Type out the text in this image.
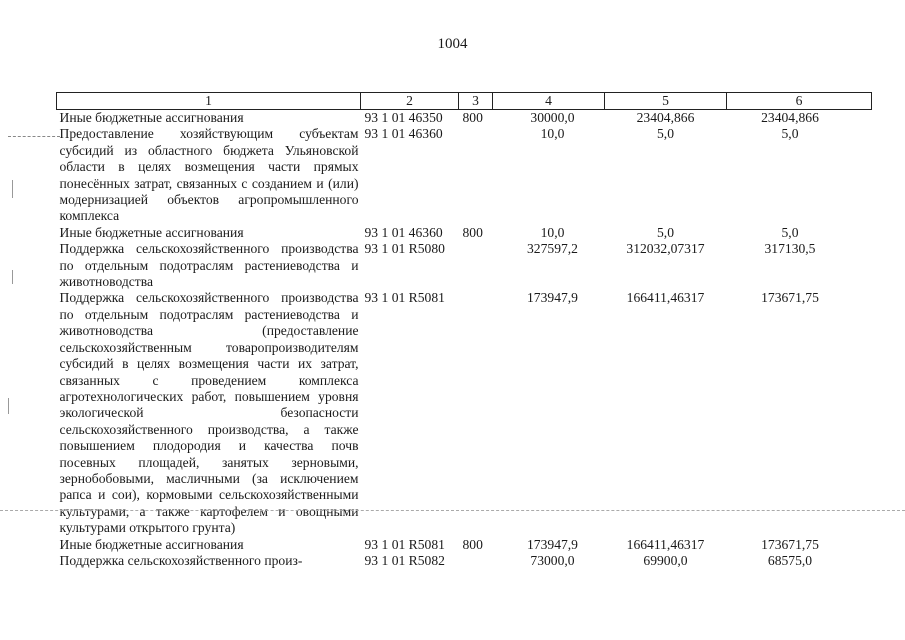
1004
1	2	3	4	5	6
Иные бюджетные ассигнования	93 1 01 46350	800	30000,0	23404,866	23404,866
Предоставление хозяйствующим субъектам субсидий из областного бюджета Ульяновской области в целях возмещения части прямых понесённых затрат, связанных с созданием и (или) модернизацией объектов агропромышленного комплекса	93 1 01 46360		10,0	5,0	5,0
Иные бюджетные ассигнования	93 1 01 46360	800	10,0	5,0	5,0
Поддержка сельскохозяйственного производства по отдельным подотраслям растениеводства и животноводства	93 1 01 R5080		327597,2	312032,07317	317130,5
Поддержка сельскохозяйственного производства по отдельным подотраслям растениеводства и животноводства (предоставление сельскохозяйственным товаропроизводителям субсидий в целях возмещения части их затрат, связанных с проведением комплекса агротехнологических работ, повышением уровня экологической безопасности сельскохозяйственного производства, а также повышением плодородия и качества почв посевных площадей, занятых зерновыми, зернобобовыми, масличными (за исключением рапса и сои), кормовыми сельскохозяйственными культурами, а также картофелем и овощными культурами открытого грунта)	93 1 01 R5081		173947,9	166411,46317	173671,75
Иные бюджетные ассигнования	93 1 01 R5081	800	173947,9	166411,46317	173671,75
Поддержка сельскохозяйственного произ-	93 1 01 R5082		73000,0	69900,0	68575,0
